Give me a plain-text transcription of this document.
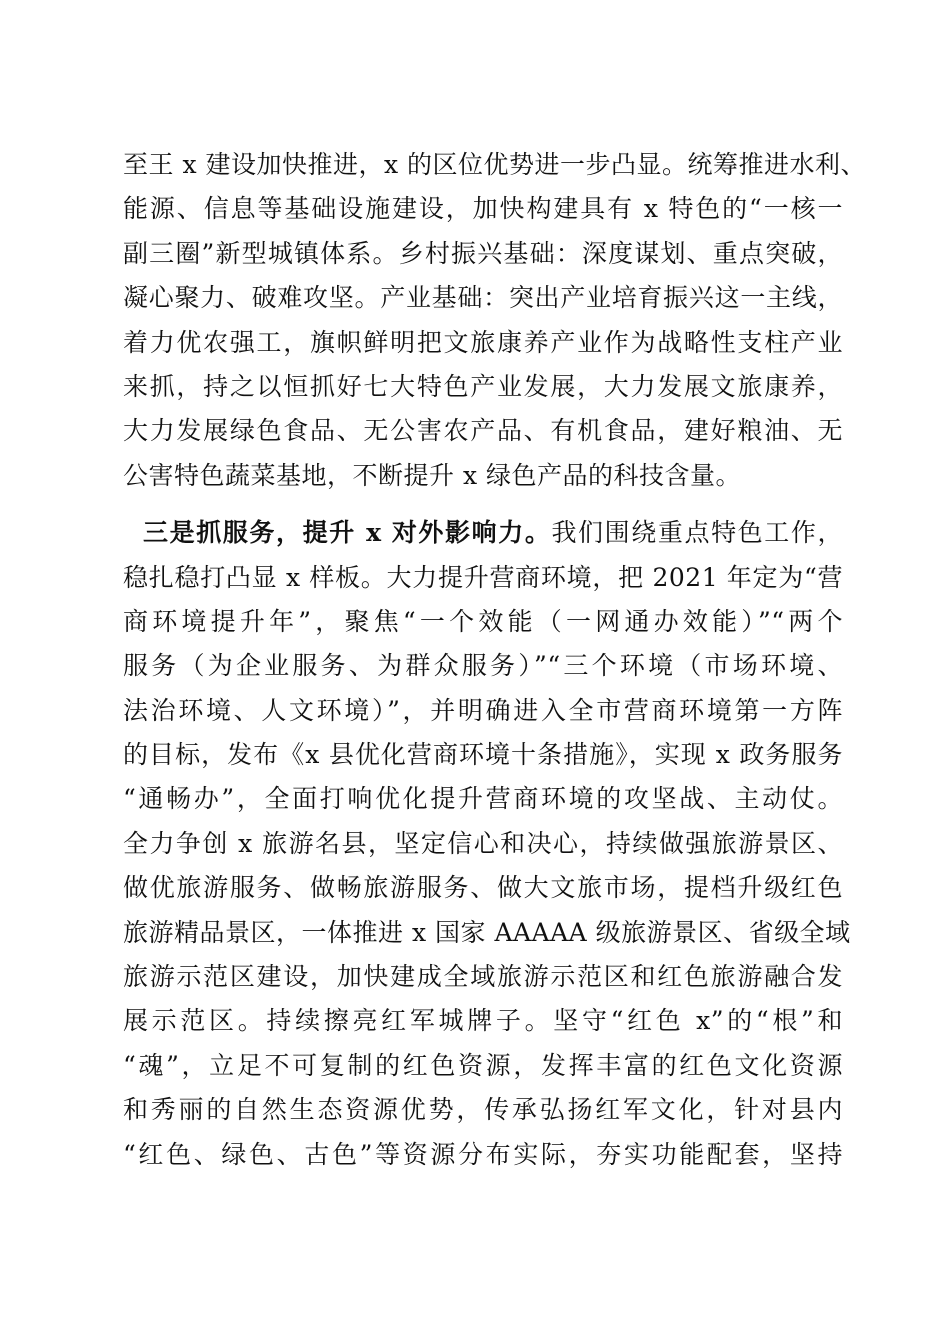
至王 x 建设加快推进，x 的区位优势进一步凸显。统筹推进水利、
能源、信息等基础设施建设，加快构建具有 x 特色的“一核一
副三圈”新型城镇体系。乡村振兴基础：深度谋划、重点突破，
凝心聚力、破难攻坚。产业基础：突出产业培育振兴这一主线，
着力优农强工，旗帜鲜明把文旅康养产业作为战略性支柱产业
来抓，持之以恒抓好七大特色产业发展，大力发展文旅康养，
大力发展绿色食品、无公害农产品、有机食品，建好粮油、无
公害特色蔬菜基地，不断提升 x 绿色产品的科技含量。
三是抓服务，提升 x 对外影响力。我们围绕重点特色工作，
稳扎稳打凸显 x 样板。大力提升营商环境，把 2021 年定为“营
商环境提升年”，聚焦“一个效能（一网通办效能）”“两个
服务（为企业服务、为群众服务）”“三个环境（市场环境、
法治环境、人文环境）”，并明确进入全市营商环境第一方阵
的目标，发布《x 县优化营商环境十条措施》，实现 x 政务服务
“通畅办”，全面打响优化提升营商环境的攻坚战、主动仗。
全力争创 x 旅游名县，坚定信心和决心，持续做强旅游景区、
做优旅游服务、做畅旅游服务、做大文旅市场，提档升级红色
旅游精品景区，一体推进 x 国家 AAAAA 级旅游景区、省级全域
旅游示范区建设，加快建成全域旅游示范区和红色旅游融合发
展示范区。持续擦亮红军城牌子。坚守“红色 x”的“根”和
“魂”，立足不可复制的红色资源，发挥丰富的红色文化资源
和秀丽的自然生态资源优势，传承弘扬红军文化，针对县内
“红色、绿色、古色”等资源分布实际，夯实功能配套，坚持
